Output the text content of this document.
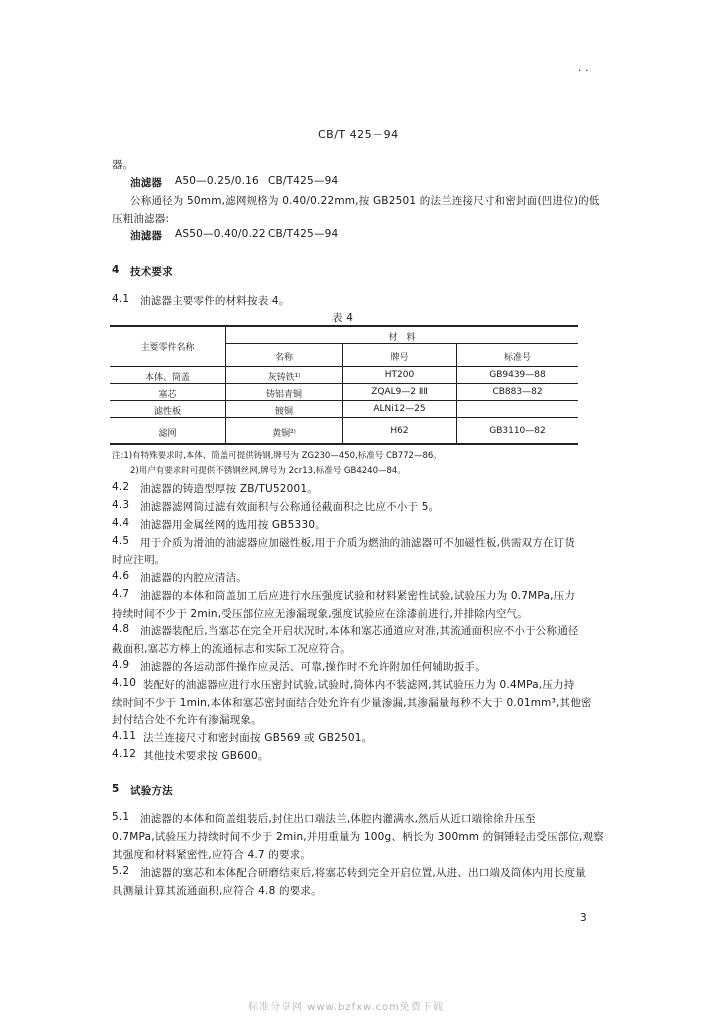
. .
CB/T 425－94
器。
油滤器 A50—0.25/0.16 CB/T425—94
公称通径为 50mm,滤网规格为 0.40/0.22mm,按 GB2501 的法兰连接尺寸和密封面(凹进位)的低
压粗油滤器:
油滤器 AS50—0.40/0.22 CB/T425—94
4 技术要求
4.1 油滤器主要零件的材料按表 4。
表 4
主要零件名称
材　料
名称	牌号	标准号
本体、筒盖	灰铸铁¹⁾	HT200	GB9439—88
塞芯	铸铝青铜	ZQAL9—2 ⅡⅡ	CB883—82
滤性板	镀铜	ALNi12—25
滤网	黄铜²⁾	H62	GB3110—82
注:1)有特殊要求时,本体、筒盖可提供铸钢,牌号为 ZG230—450,标准号 CB772—86。
2)用户有要求时可提供不锈钢丝网,牌号为 2cr13,标准号 GB4240—84。
4.2 油滤器的铸造型厚按 ZB/TU52001。
4.3 油滤器滤网筒过滤有效面积与公称通径截面积之比应不小于 5。
4.4 油滤器用金属丝网的选用按 GB5330。
4.5 用于介质为滑油的油滤器应加磁性板,用于介质为燃油的油滤器可不加磁性板,供需双方在订货
时应注明。
4.6 油滤器的内腔应清洁。
4.7 油滤器的本体和筒盖加工后应进行水压强度试验和材料紧密性试验,试验压力为 0.7MPa,压力
持续时间不少于 2min,受压部位应无渗漏现象,强度试验应在涂漆前进行,并排除内空气。
4.8 油滤器装配后,当塞芯在完全开启状况时,本体和塞芯通道应对准,其流通面积应不小于公称通径
截面积,塞芯方棒上的流通标志和实际工况应符合。
4.9 油滤器的各运动部件操作应灵活、可靠,操作时不允许附加任何辅助扳手。
4.10 装配好的油滤器应进行水压密封试验,试验时,筒体内不装滤网,其试验压力为 0.4MPa,压力持
续时间不少于 1min,本体和塞芯密封面结合处允许有少量渗漏,其渗漏量每秒不大于 0.01mm³,其他密
封付结合处不允许有渗漏现象。
4.11 法兰连接尺寸和密封面按 GB569 或 GB2501。
4.12 其他技术要求按 GB600。
5 试验方法
5.1 油滤器的本体和筒盖组装后,封住出口端法兰,体腔内灌满水,然后从近口端徐徐升压至
0.7MPa,试验压力持续时间不少于 2min,并用重量为 100g、柄长为 300mm 的铜锤轻击受压部位,观察
其强度和材料紧密性,应符合 4.7 的要求。
5.2 油滤器的塞芯和本体配合研磨结束后,将塞芯转到完全开启位置,从进、出口端及筒体内用长度量
具测量计算其流通面积,应符合 4.8 的要求。
3
标准分享网 www.bzfxw.com免费下载
